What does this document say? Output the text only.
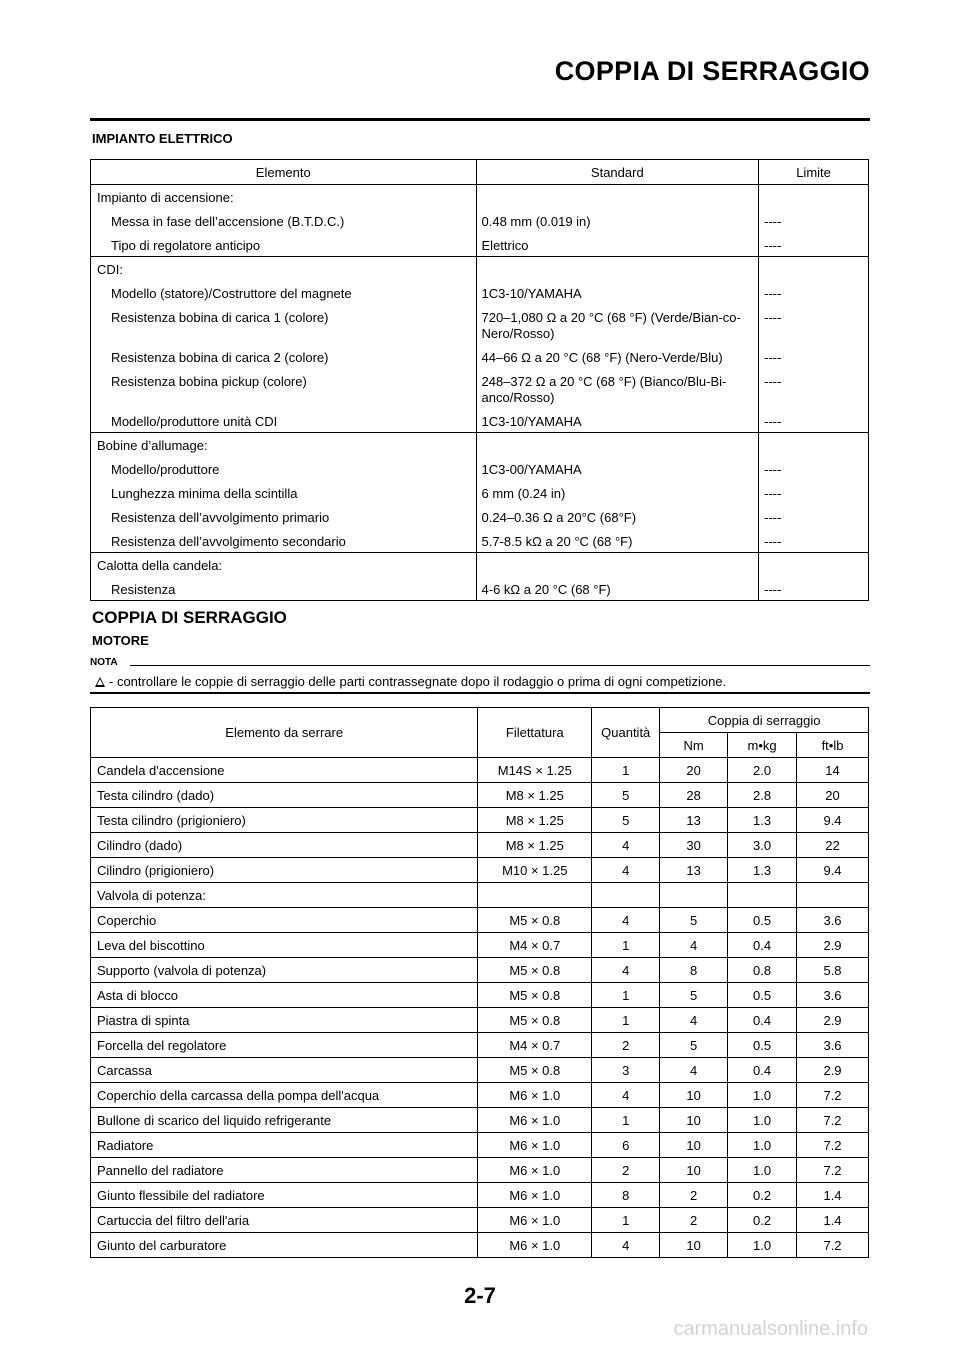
COPPIA DI SERRAGGIO
IMPIANTO ELETTRICO
Elemento	Standard	Limite
Impianto di accensione:		
Messa in fase dell’accensione (B.T.D.C.)	0.48 mm (0.019 in)	----
Tipo di regolatore anticipo	Elettrico	----
CDI:		
Modello (statore)/Costruttore del magnete	1C3-10/YAMAHA	----
Resistenza bobina di carica 1 (colore)	720–1,080 Ω a 20 °C (68 °F) (Verde/Bian-co-Nero/Rosso)	----
Resistenza bobina di carica 2 (colore)	44–66 Ω a 20 °C (68 °F) (Nero-Verde/Blu)	----
Resistenza bobina pickup (colore)	248–372 Ω a 20 °C (68 °F) (Bianco/Blu-Bi-anco/Rosso)	----
Modello/produttore unità CDI	1C3-10/YAMAHA	----
Bobine d’allumage:		
Modello/produttore	1C3-00/YAMAHA	----
Lunghezza minima della scintilla	6 mm (0.24 in)	----
Resistenza dell’avvolgimento primario	0.24–0.36 Ω a 20°C (68°F)	----
Resistenza dell’avvolgimento secondario	5.7-8.5 kΩ a 20 °C (68 °F)	----
Calotta della candela:		
Resistenza	4-6 kΩ a 20 °C (68 °F)	----
COPPIA DI SERRAGGIO
MOTORE
NOTA
- controllare le coppie di serraggio delle parti contrassegnate dopo il rodaggio o prima di ogni competizione.
Elemento da serrare	Filettatura	Quantità	Coppia di serraggio		
			Nm	m•kg	ft•lb
Candela d'accensione	M14S × 1.25	1	20	2.0	14
Testa cilindro (dado)	M8 × 1.25	5	28	2.8	20
Testa cilindro (prigioniero)	M8 × 1.25	5	13	1.3	9.4
Cilindro (dado)	M8 × 1.25	4	30	3.0	22
Cilindro (prigioniero)	M10 × 1.25	4	13	1.3	9.4
Valvola di potenza:					
Coperchio	M5 × 0.8	4	5	0.5	3.6
Leva del biscottino	M4 × 0.7	1	4	0.4	2.9
Supporto (valvola di potenza)	M5 × 0.8	4	8	0.8	5.8
Asta di blocco	M5 × 0.8	1	5	0.5	3.6
Piastra di spinta	M5 × 0.8	1	4	0.4	2.9
Forcella del regolatore	M4 × 0.7	2	5	0.5	3.6
Carcassa	M5 × 0.8	3	4	0.4	2.9
Coperchio della carcassa della pompa dell'acqua	M6 × 1.0	4	10	1.0	7.2
Bullone di scarico del liquido refrigerante	M6 × 1.0	1	10	1.0	7.2
Radiatore	M6 × 1.0	6	10	1.0	7.2
Pannello del radiatore	M6 × 1.0	2	10	1.0	7.2
Giunto flessibile del radiatore	M6 × 1.0	8	2	0.2	1.4
Cartuccia del filtro dell'aria	M6 × 1.0	1	2	0.2	1.4
Giunto del carburatore	M6 × 1.0	4	10	1.0	7.2
2-7
carmanualsonline.info
